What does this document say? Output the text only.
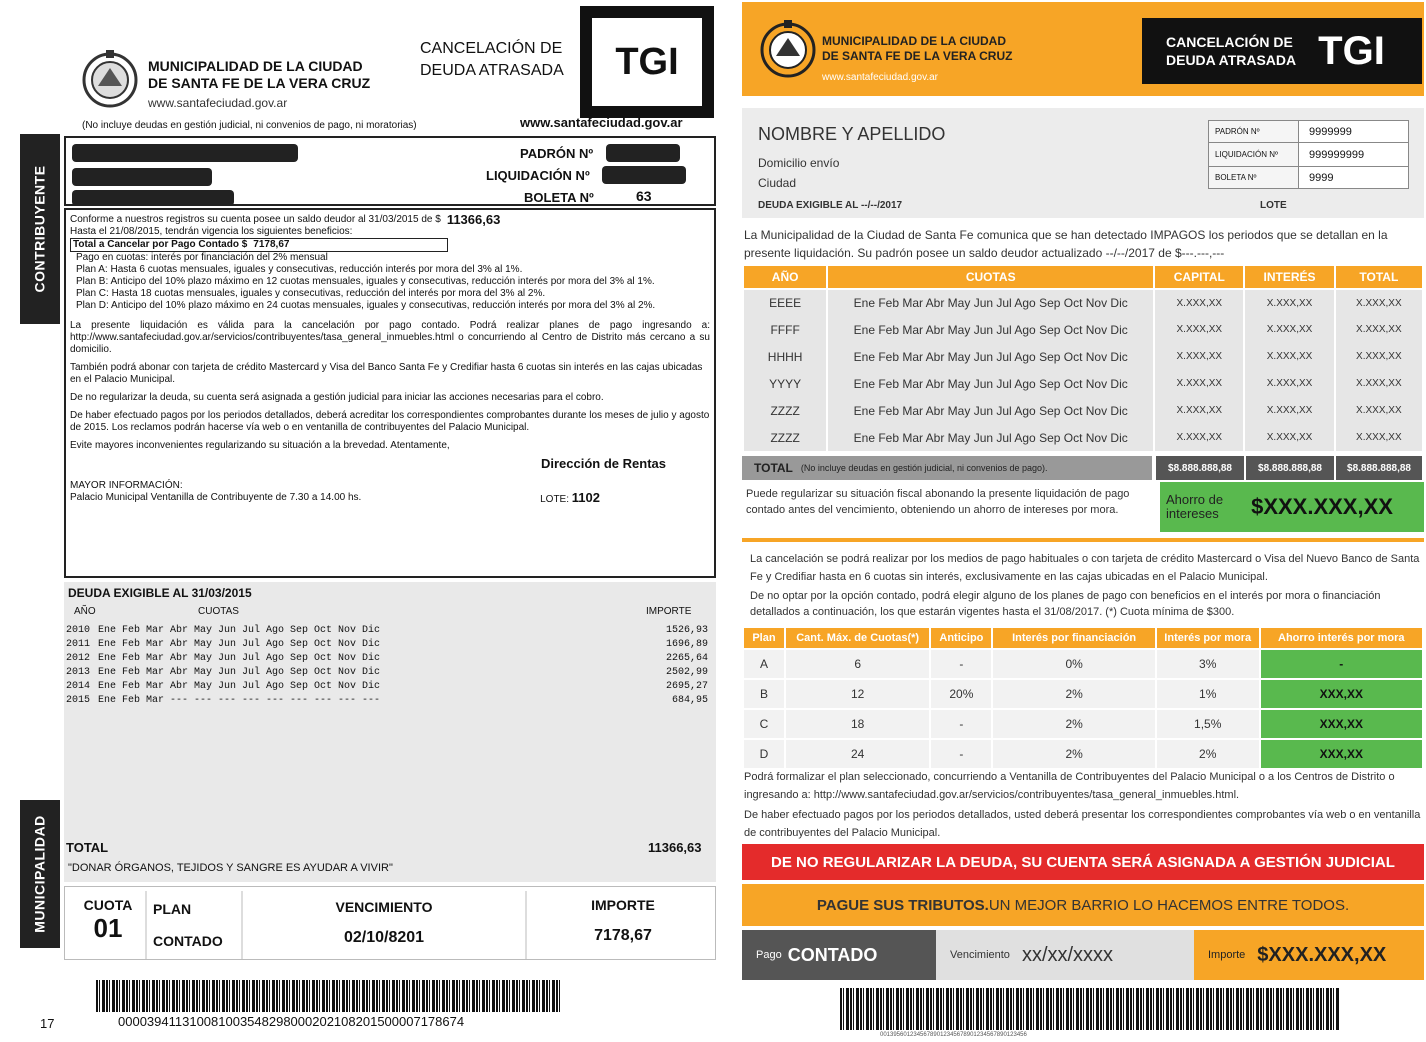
MUNICIPALIDAD DE LA CIUDAD
DE SANTA FE DE LA VERA CRUZ
www.santafeciudad.gov.ar
CANCELACIÓN DE
DEUDA ATRASADA	TGI
(No incluye deudas en gestión judicial, ni convenios de pago, ni moratorias)	www.santafeciudad.gov.ar
CONTRIBUYENTE
MUNICIPALIDAD
PADRÓN Nº
LIQUIDACIÓN Nº
BOLETA Nº	63
Conforme a nuestros registros su cuenta posee un saldo deudor al 31/03/2015 de $ 11366,63
Hasta el 21/08/2015, tendrán vigencia los siguientes beneficios:
Total a Cancelar por Pago Contado $ 7178,67
Pago en cuotas: interés por financiación del 2% mensual
Plan A: Hasta 6 cuotas mensuales, iguales y consecutivas, reducción interés por mora del 3% al 1%.
Plan B: Anticipo del 10% plazo máximo en 12 cuotas mensuales, iguales y consecutivas, reducción interés por mora del 3% al 1%.
Plan C: Hasta 18 cuotas mensuales, iguales y consecutivas, reducción del interés por mora del 3% al 2%.
Plan D: Anticipo del 10% plazo máximo en 24 cuotas mensuales, iguales y consecutivas, reducción interés por mora del 3% al 2%.
La presente liquidación es válida para la cancelación por pago contado. Podrá realizar planes de pago ingresando a: http://www.santafeciudad.gov.ar/servicios/contribuyentes/tasa_general_inmuebles.html o concurriendo al Centro de Distrito más cercano a su domicilio.
También podrá abonar con tarjeta de crédito Mastercard y Visa del Banco Santa Fe y Credifiar hasta 6 cuotas sin interés en las cajas ubicadas en el Palacio Municipal.
De no regularizar la deuda, su cuenta será asignada a gestión judicial para iniciar las acciones necesarias para el cobro.
De haber efectuado pagos por los periodos detallados, deberá acreditar los correspondientes comprobantes durante los meses de julio y agosto de 2015. Los reclamos podrán hacerse vía web o en ventanilla de contribuyentes del Palacio Municipal.
Evite mayores inconvenientes regularizando su situación a la brevedad. Atentamente,
Dirección de Rentas
MAYOR INFORMACIÓN:
Palacio Municipal Ventanilla de Contribuyente de 7.30 a 14.00 hs.	LOTE: 1102
DEUDA EXIGIBLE AL 31/03/2015
AÑO	CUOTAS	IMPORTE
2010 Ene Feb Mar Abr May Jun Jul Ago Sep Oct Nov Dic	1526,93
2011 Ene Feb Mar Abr May Jun Jul Ago Sep Oct Nov Dic	1696,89
2012 Ene Feb Mar Abr May Jun Jul Ago Sep Oct Nov Dic	2265,64
2013 Ene Feb Mar Abr May Jun Jul Ago Sep Oct Nov Dic	2502,99
2014 Ene Feb Mar Abr May Jun Jul Ago Sep Oct Nov Dic	2695,27
2015 Ene Feb Mar --- --- --- --- --- --- --- --- ---	684,95
TOTAL	11366,63
"DONAR ÓRGANOS, TEJIDOS Y SANGRE ES AYUDAR A VIVIR"
CUOTA
01
PLAN
CONTADO
VENCIMIENTO
02/10/8201
IMPORTE
7178,67
000039411310081003548298000202108201500007178674
17
MUNICIPALIDAD DE LA CIUDAD
DE SANTA FE DE LA VERA CRUZ
www.santafeciudad.gov.ar
CANCELACIÓN DE
DEUDA ATRASADA TGI
NOMBRE Y APELLIDO
Domicilio envío
Ciudad
DEUDA EXIGIBLE AL --/--/2017
PADRÓN Nº	9999999
LIQUIDACIÓN Nº	999999999
BOLETA Nº	9999
LOTE
La Municipalidad de la Ciudad de Santa Fe comunica que se han detectado IMPAGOS los periodos que se detallan en la presente liquidación. Su padrón posee un saldo deudor actualizado --/--/2017 de $---.---,---
AÑO	CUOTAS	CAPITAL	INTERÉS	TOTAL
EEEE	Ene Feb Mar Abr May Jun Jul Ago Sep Oct Nov Dic	X.XXX,XX	X.XXX,XX	X.XXX,XX
FFFF	Ene Feb Mar Abr May Jun Jul Ago Sep Oct Nov Dic	X.XXX,XX	X.XXX,XX	X.XXX,XX
HHHH	Ene Feb Mar Abr May Jun Jul Ago Sep Oct Nov Dic	X.XXX,XX	X.XXX,XX	X.XXX,XX
YYYY	Ene Feb Mar Abr May Jun Jul Ago Sep Oct Nov Dic	X.XXX,XX	X.XXX,XX	X.XXX,XX
ZZZZ	Ene Feb Mar Abr May Jun Jul Ago Sep Oct Nov Dic	X.XXX,XX	X.XXX,XX	X.XXX,XX
ZZZZ	Ene Feb Mar Abr May Jun Jul Ago Sep Oct Nov Dic	X.XXX,XX	X.XXX,XX	X.XXX,XX
TOTAL (No incluye deudas en gestión judicial, ni convenios de pago).	$8.888.888,88	$8.888.888,88	$8.888.888,88
Puede regularizar su situación fiscal abonando la presente liquidación de pago contado antes del vencimiento, obteniendo un ahorro de intereses por mora.
Ahorro de
intereses $XXX.XXX,XX
La cancelación se podrá realizar por los medios de pago habituales o con tarjeta de crédito Mastercard o Visa del Nuevo Banco de Santa Fe y Credifiar hasta en 6 cuotas sin interés, exclusivamente en las cajas ubicadas en el Palacio Municipal.
De no optar por la opción contado, podrá elegir alguno de los planes de pago con beneficios en el interés por mora o financiación detallados a continuación, los que estarán vigentes hasta el 31/08/2017. (*) Cuota mínima de $300.
Plan	Cant. Máx. de Cuotas(*)	Anticipo	Interés por financiación	Interés por mora	Ahorro interés por mora
A	6	-	0%	3%	-
B	12	20%	2%	1%	XXX,XX
C	18	-	2%	1,5%	XXX,XX
D	24	-	2%	2%	XXX,XX
Podrá formalizar el plan seleccionado, concurriendo a Ventanilla de Contribuyentes del Palacio Municipal o a los Centros de Distrito o ingresando a: http://www.santafeciudad.gov.ar/servicios/contribuyentes/tasa_general_inmuebles.html.
De haber efectuado pagos por los periodos detallados, usted deberá presentar los correspondientes comprobantes vía web o en ventanilla de contribuyentes del Palacio Municipal.
DE NO REGULARIZAR LA DEUDA, SU CUENTA SERÁ ASIGNADA A GESTIÓN JUDICIAL
PAGUE SUS TRIBUTOS. UN MEJOR BARRIO LO HACEMOS ENTRE TODOS.
Pago CONTADO	Vencimiento xx/xx/xxxx	Importe $XXX.XXX,XX
00139560123456789012345678901234567890123456
